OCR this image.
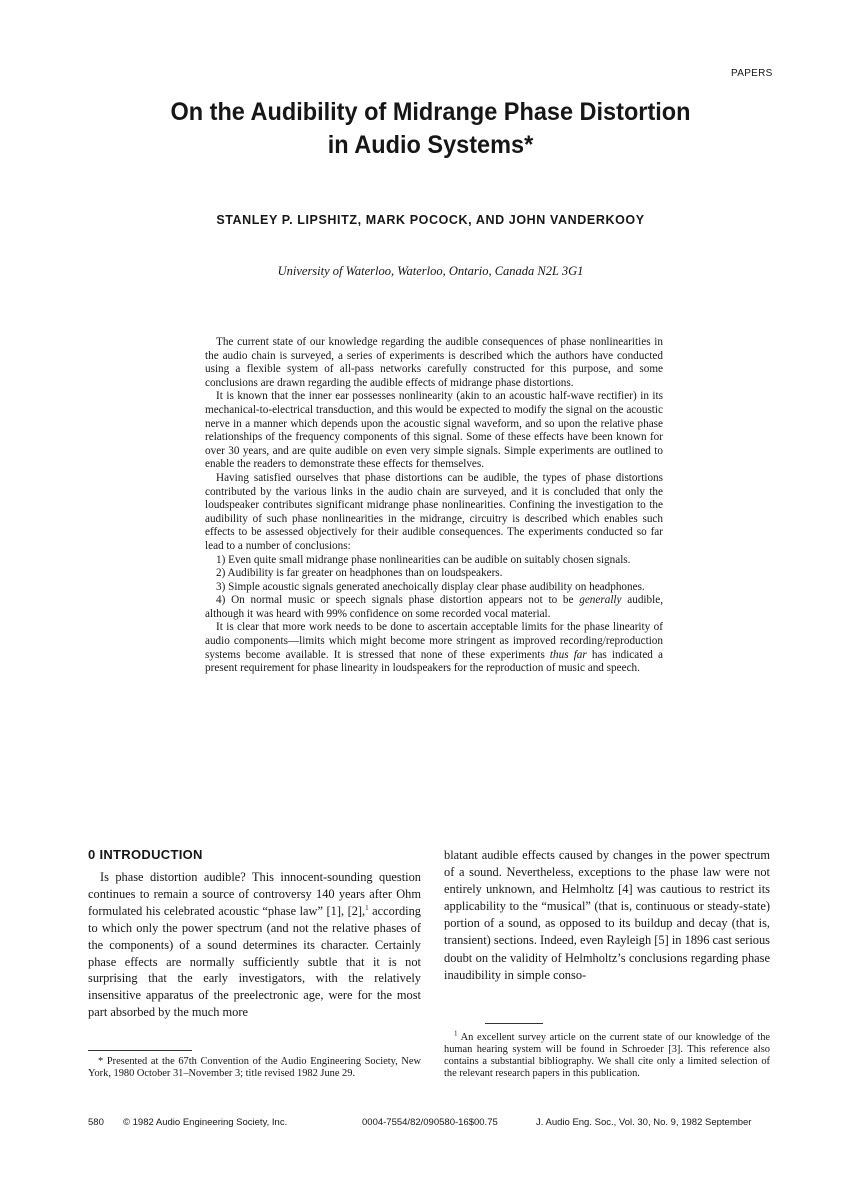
PAPERS
On the Audibility of Midrange Phase Distortion
in Audio Systems*
STANLEY P. LIPSHITZ, MARK POCOCK, AND JOHN VANDERKOOY
University of Waterloo, Waterloo, Ontario, Canada N2L 3G1

The current state of our knowledge regarding the audible consequences of phase nonlinearities in the audio chain is surveyed, a series of experiments is described which the authors have conducted using a flexible system of all-pass networks carefully constructed for this purpose, and some conclusions are drawn regarding the audible effects of midrange phase distortions.

It is known that the inner ear possesses nonlinearity (akin to an acoustic half-wave rectifier) in its mechanical-to-electrical transduction, and this would be expected to modify the signal on the acoustic nerve in a manner which depends upon the acoustic signal waveform, and so upon the relative phase relationships of the frequency components of this signal. Some of these effects have been known for over 30 years, and are quite audible on even very simple signals. Simple experiments are outlined to enable the readers to demonstrate these effects for themselves.

Having satisfied ourselves that phase distortions can be audible, the types of phase distortions contributed by the various links in the audio chain are surveyed, and it is concluded that only the loudspeaker contributes significant midrange phase nonlinearities. Confining the investigation to the audibility of such phase nonlinearities in the midrange, circuitry is described which enables such effects to be assessed objectively for their audible consequences. The experiments conducted so far lead to a number of conclusions:

1) Even quite small midrange phase nonlinearities can be audible on suitably chosen signals.

2) Audibility is far greater on headphones than on loudspeakers.

3) Simple acoustic signals generated anechoically display clear phase audibility on headphones.

4) On normal music or speech signals phase distortion appears not to be generally audible, although it was heard with 99% confidence on some recorded vocal material.

It is clear that more work needs to be done to ascertain acceptable limits for the phase linearity of audio components—limits which might become more stringent as improved recording/reproduction systems become available. It is stressed that none of these experiments thus far has indicated a present requirement for phase linearity in loudspeakers for the reproduction of music and speech.

0 INTRODUCTION

Is phase distortion audible? This innocent-sounding question continues to remain a source of controversy 140 years after Ohm formulated his celebrated acoustic “phase law” [1], [2],$^1$ according to which only the power spectrum (and not the relative phases of the components) of a sound determines its character. Certainly phase effects are normally sufficiently subtle that it is not surprising that the early investigators, with the relatively insensitive apparatus of the preelectronic age, were for the most part absorbed by the much more

blatant audible effects caused by changes in the power spectrum of a sound. Nevertheless, exceptions to the phase law were not entirely unknown, and Helmholtz [4] was cautious to restrict its applicability to the “musical” (that is, continuous or steady-state) portion of a sound, as opposed to its buildup and decay (that is, transient) sections. Indeed, even Rayleigh [5] in 1896 cast serious doubt on the validity of Helmholtz’s conclusions regarding phase inaudibility in simple conso-

* Presented at the 67th Convention of the Audio Engineering Society, New York, 1980 October 31–November 3; title revised 1982 June 29.

$^1$ An excellent survey article on the current state of our knowledge of the human hearing system will be found in Schroeder [3]. This reference also contains a substantial bibliography. We shall cite only a limited selection of the relevant research papers in this publication.

580 © 1982 Audio Engineering Society, Inc.	0004-7554/82/090580-16$00.75	J. Audio Eng. Soc., Vol. 30, No. 9, 1982 September
